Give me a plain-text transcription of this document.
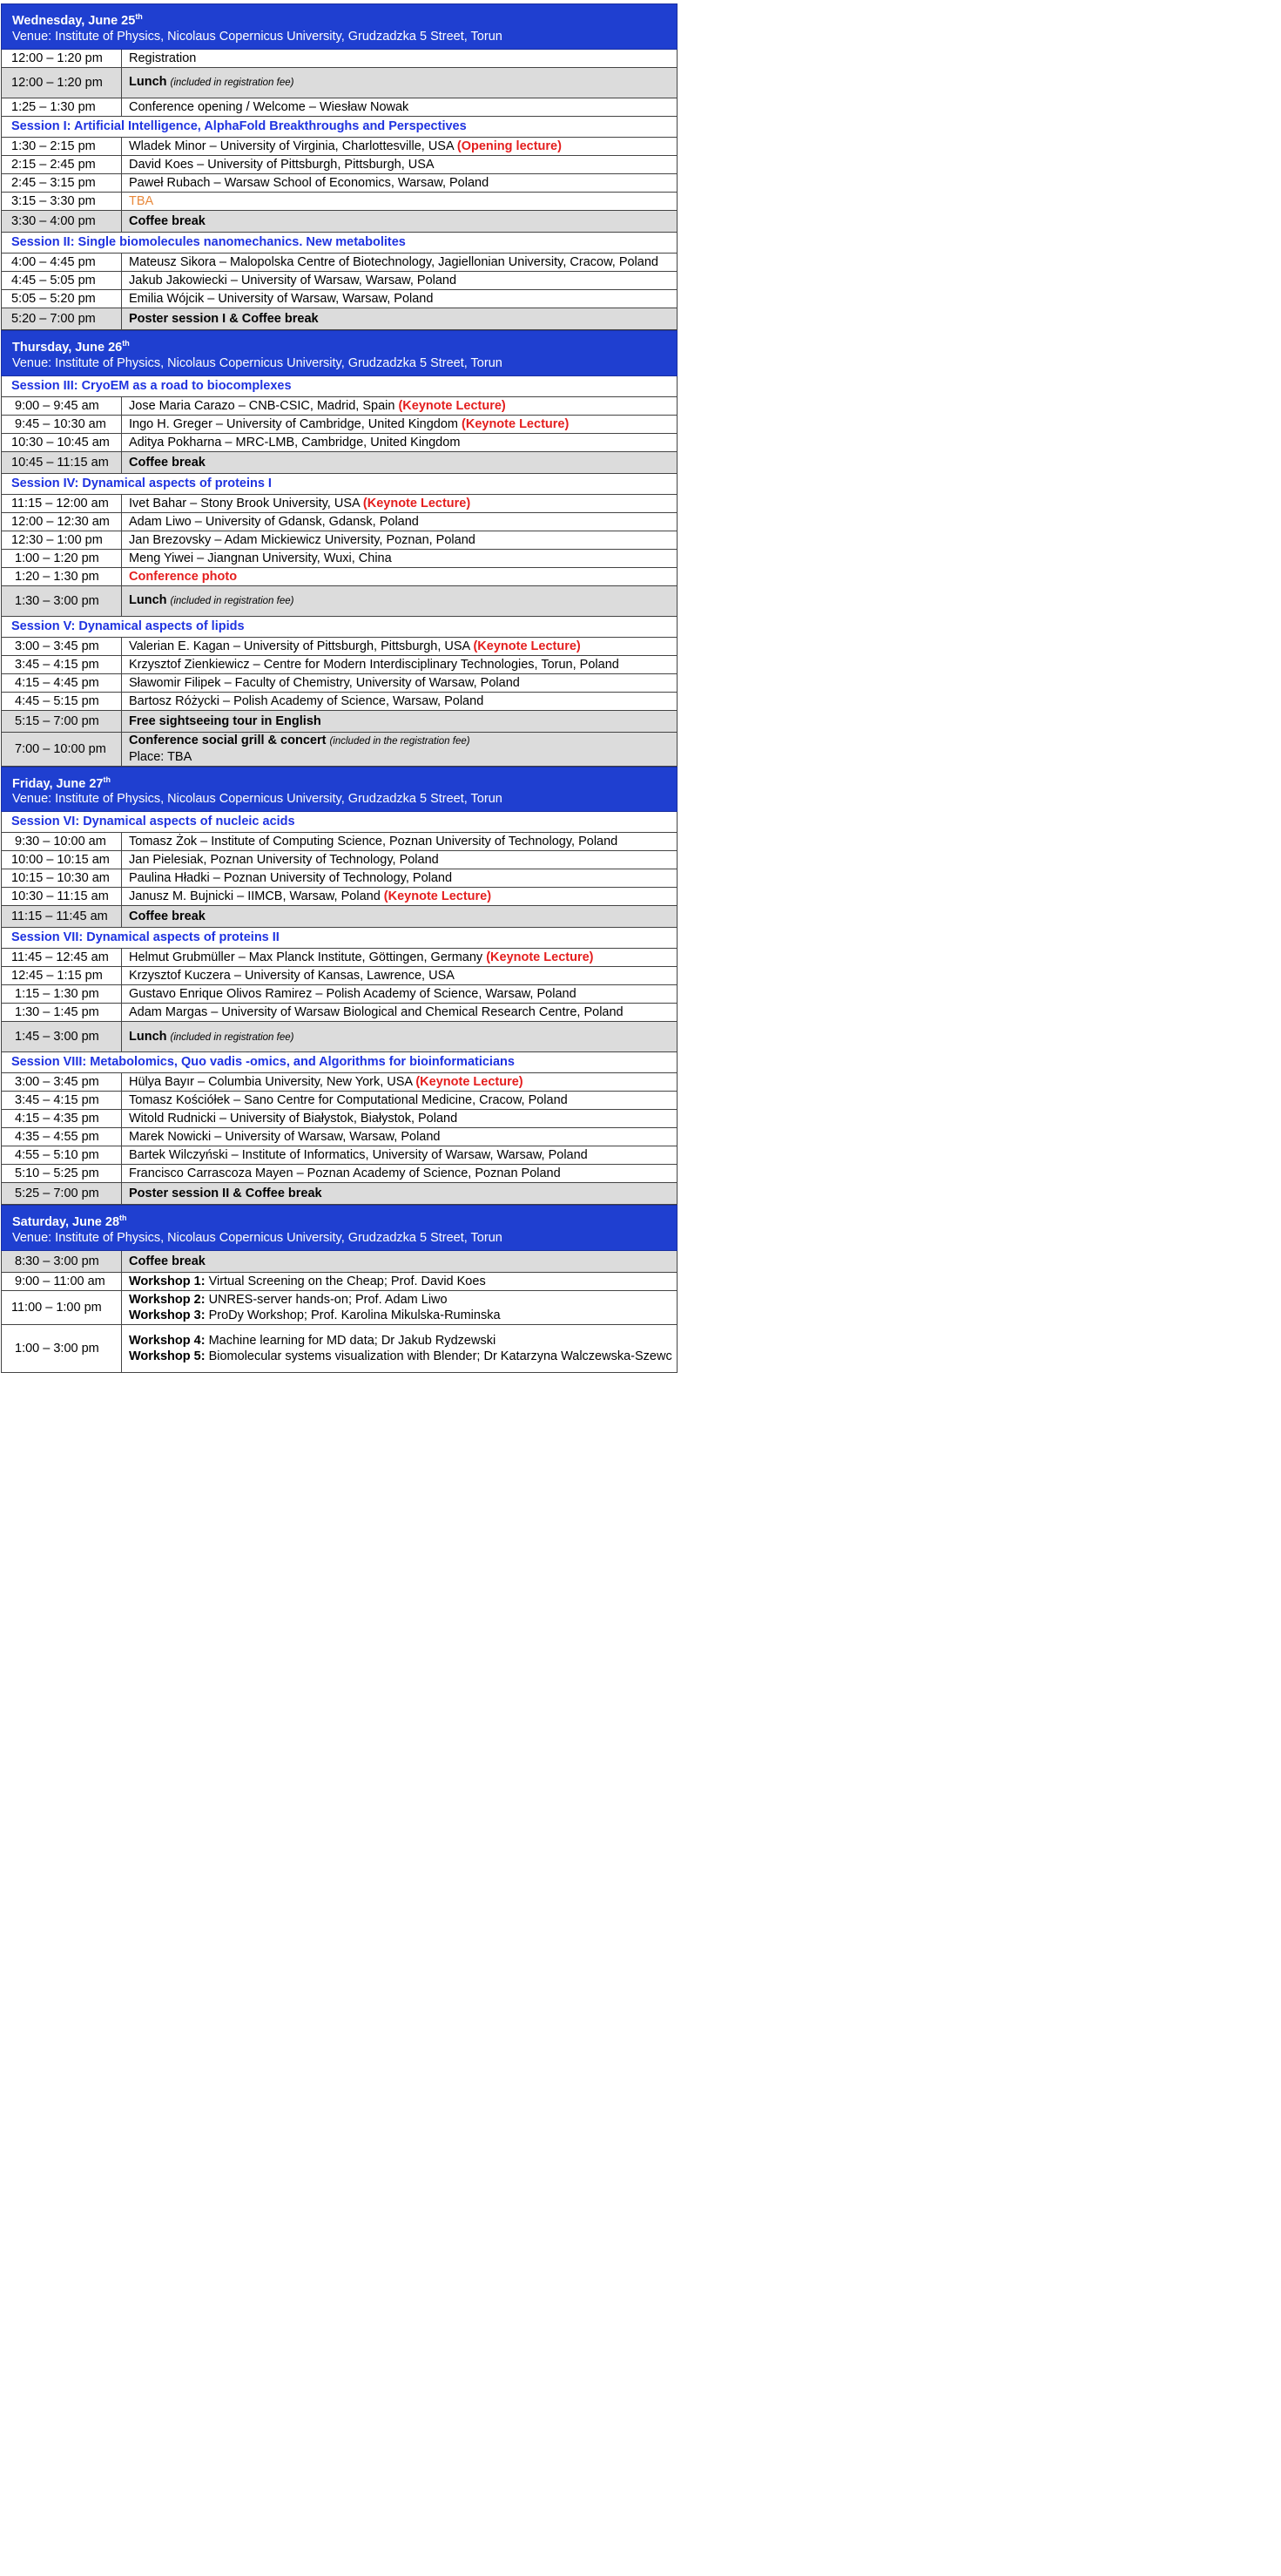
Wednesday, June 25th
Venue: Institute of Physics, Nicolaus Copernicus University, Grudzadzka 5 Street, Torun
12:00 – 1:20 pm	Registration
12:00 – 1:20 pm	Lunch (included in registration fee)
1:25 – 1:30 pm	Conference opening / Welcome – Wiesław Nowak
Session I: Artificial Intelligence, AlphaFold Breakthroughs and Perspectives
1:30 – 2:15 pm	Wladek Minor – University of Virginia, Charlottesville, USA (Opening lecture)
2:15 – 2:45 pm	David Koes – University of Pittsburgh, Pittsburgh, USA
2:45 – 3:15 pm	Paweł Rubach – Warsaw School of Economics, Warsaw, Poland
3:15 – 3:30 pm	TBA
3:30 – 4:00 pm	Coffee break
Session II: Single biomolecules nanomechanics. New metabolites
4:00 – 4:45 pm	Mateusz Sikora – Malopolska Centre of Biotechnology, Jagiellonian University, Cracow, Poland
4:45 – 5:05 pm	Jakub Jakowiecki – University of Warsaw, Warsaw, Poland
5:05 – 5:20 pm	Emilia Wójcik – University of Warsaw, Warsaw, Poland
5:20 – 7:00 pm	Poster session I & Coffee break
Thursday, June 26th
Venue: Institute of Physics, Nicolaus Copernicus University, Grudzadzka 5 Street, Torun
Session III: CryoEM as a road to biocomplexes
9:00 – 9:45 am	Jose Maria Carazo – CNB-CSIC, Madrid, Spain (Keynote Lecture)
9:45 – 10:30 am	Ingo H. Greger – University of Cambridge, United Kingdom (Keynote Lecture)
10:30 – 10:45 am	Aditya Pokharna – MRC-LMB, Cambridge, United Kingdom
10:45 – 11:15 am	Coffee break
Session IV: Dynamical aspects of proteins I
11:15 – 12:00 am	Ivet Bahar – Stony Brook University, USA (Keynote Lecture)
12:00 – 12:30 am	Adam Liwo – University of Gdansk, Gdansk, Poland
12:30 – 1:00 pm	Jan Brezovsky – Adam Mickiewicz University, Poznan, Poland
1:00 – 1:20 pm	Meng Yiwei – Jiangnan University, Wuxi, China
1:20 – 1:30 pm	Conference photo
1:30 – 3:00 pm	Lunch (included in registration fee)
Session V: Dynamical aspects of lipids
3:00 – 3:45 pm	Valerian E. Kagan – University of Pittsburgh, Pittsburgh, USA (Keynote Lecture)
3:45 – 4:15 pm	Krzysztof Zienkiewicz – Centre for Modern Interdisciplinary Technologies, Torun, Poland
4:15 – 4:45 pm	Sławomir Filipek – Faculty of Chemistry, University of Warsaw, Poland
4:45 – 5:15 pm	Bartosz Różycki – Polish Academy of Science, Warsaw, Poland
5:15 – 7:00 pm	Free sightseeing tour in English
7:00 – 10:00 pm
Conference social grill & concert (included in the registration fee)
Place: TBA
Friday, June 27th
Venue: Institute of Physics, Nicolaus Copernicus University, Grudzadzka 5 Street, Torun
Session VI: Dynamical aspects of nucleic acids
9:30 – 10:00 am	Tomasz Żok – Institute of Computing Science, Poznan University of Technology, Poland
10:00 – 10:15 am	Jan Pielesiak, Poznan University of Technology, Poland
10:15 – 10:30 am	Paulina Hładki – Poznan University of Technology, Poland
10:30 – 11:15 am	Janusz M. Bujnicki – IIMCB, Warsaw, Poland (Keynote Lecture)
11:15 – 11:45 am	Coffee break
Session VII: Dynamical aspects of proteins II
11:45 – 12:45 am	Helmut Grubmüller – Max Planck Institute, Göttingen, Germany (Keynote Lecture)
12:45 – 1:15 pm	Krzysztof Kuczera – University of Kansas, Lawrence, USA
1:15 – 1:30 pm	Gustavo Enrique Olivos Ramirez – Polish Academy of Science, Warsaw, Poland
1:30 – 1:45 pm	Adam Margas – University of Warsaw Biological and Chemical Research Centre, Poland
1:45 – 3:00 pm	Lunch (included in registration fee)
Session VIII: Metabolomics, Quo vadis -omics, and Algorithms for bioinformaticians
3:00 – 3:45 pm	Hülya Bayır – Columbia University, New York, USA (Keynote Lecture)
3:45 – 4:15 pm	Tomasz Kościółek – Sano Centre for Computational Medicine, Cracow, Poland
4:15 – 4:35 pm	Witold Rudnicki – University of Białystok, Białystok, Poland
4:35 – 4:55 pm	Marek Nowicki – University of Warsaw, Warsaw, Poland
4:55 – 5:10 pm	Bartek Wilczyński – Institute of Informatics, University of Warsaw, Warsaw, Poland
5:10 – 5:25 pm	Francisco Carrascoza Mayen – Poznan Academy of Science, Poznan Poland
5:25 – 7:00 pm	Poster session II & Coffee break
Saturday, June 28th
Venue: Institute of Physics, Nicolaus Copernicus University, Grudzadzka 5 Street, Torun
8:30 – 3:00 pm	Coffee break
9:00 – 11:00 am	Workshop 1: Virtual Screening on the Cheap; Prof. David Koes
11:00 – 1:00 pm
Workshop 2: UNRES-server hands-on; Prof. Adam Liwo
Workshop 3: ProDy Workshop; Prof. Karolina Mikulska-Ruminska
1:00 – 3:00 pm
Workshop 4: Machine learning for MD data; Dr Jakub Rydzewski
Workshop 5: Biomolecular systems visualization with Blender; Dr Katarzyna Walczewska-Szewc
